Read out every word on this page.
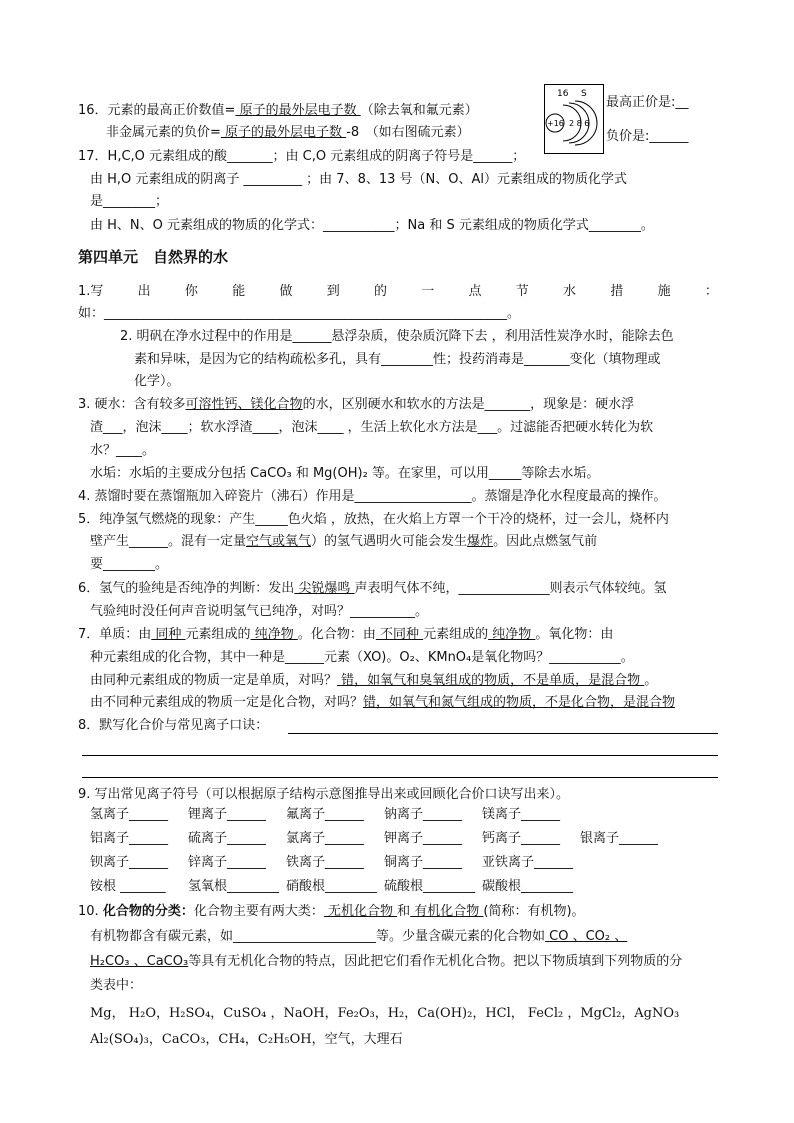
16．元素的最高正价数值= 原子的最外层电子数 （除去氧和氟元素）
非金属元素的负价= 原子的最外层电子数 -8　（如右图硫元素）
16 S
+16 2 8 6
最高正价是:__
负价是:______
17．H,C,O 元素组成的酸_______；由 C,O 元素组成的阴离子符号是______；
由 H,O 元素组成的阴离子 _________ ；由 7、8、13 号（N、O、Al）元素组成的物质化学式
是________；
由 H、N、O 元素组成的物质的化学式：___________；Na 和 S 元素组成的物质化学式________。
第四单元　自然界的水
1.写	出	你	能	做	到	的	一	点	节	水	措	施	：
如：______________________________________________________________。
2. 明矾在净水过程中的作用是______悬浮杂质，使杂质沉降下去 ，利用活性炭净水时，能除去色
素和异味，是因为它的结构疏松多孔，具有________性；投药消毒是_______变化（填物理或
化学）。
3. 硬水：含有较多可溶性钙、镁化合物的水，区别硬水和软水的方法是_______，现象是：硬水浮
渣___，泡沫____；软水浮渣____，泡沫____ ，生活上软化水方法是___。过滤能否把硬水转化为软
水？____。
水垢：水垢的主要成分包括 CaCO₃ 和 Mg(OH)₂ 等。在家里，可以用_____等除去水垢。
4. 蒸馏时要在蒸馏瓶加入碎瓷片（沸石）作用是__________________。蒸馏是净化水程度最高的操作。
5．纯净氢气燃烧的现象：产生_____色火焰 ，放热，在火焰上方罩一个干冷的烧杯，过一会儿，烧杯内
壁产生______。混有一定量空气或氧气）的氢气遇明火可能会发生爆炸。因此点燃氢气前
要________。
6．氢气的验纯是否纯净的判断：发出 尖锐爆鸣 声表明气体不纯，______________则表示气体较纯。氢
气验纯时没任何声音说明氢气已纯净，对吗？__________。
7．单质：由 同种 元素组成的 纯净物 。化合物：由 不同种 元素组成的 纯净物 。氧化物：由
种元素组成的化合物，其中一种是______元素（XO)。O₂、KMnO₄是氧化物吗？___________。
由同种元素组成的物质一定是单质，对吗？ 错，如氧气和臭氧组成的物质，不是单质，是混合物 。
由不同种元素组成的物质一定是化合物，对吗？错，如氧气和氮气组成的物质，不是化合物，是混合物
8．默写化合价与常见离子口诀：
9. 写出常见离子符号（可以根据原子结构示意图推导出来或回顾化合价口诀写出来）。
氢离子______ 锂离子______ 氟离子______ 钠离子______ 镁离子______
铝离子______ 硫离子______ 氯离子______ 钾离子______ 钙离子______ 银离子______
钡离子______ 锌离子______ 铁离子______ 铜离子______ 亚铁离子______
铵根 _______ 氢氧根________ 硝酸根________ 硫酸根________ 碳酸根________
10. 化合物的分类：化合物主要有两大类： 无机化合物 和 有机化合物 (简称：有机物)。
有机物都含有碳元素，如______________________等。少量含碳元素的化合物如 CO 、CO₂ 、
H₂CO₃ 、CaCO₃等具有无机化合物的特点，因此把它们看作无机化合物。把以下物质填到下列物质的分
类表中：
Mg， H₂O，H₂SO₄，CuSO₄ ，NaOH，Fe₂O₃，H₂，Ca(OH)₂，HCl， FeCl₂ ，MgCl₂，AgNO₃
Al₂(SO₄)₃，CaCO₃，CH₄，C₂H₅OH，空气，大理石
